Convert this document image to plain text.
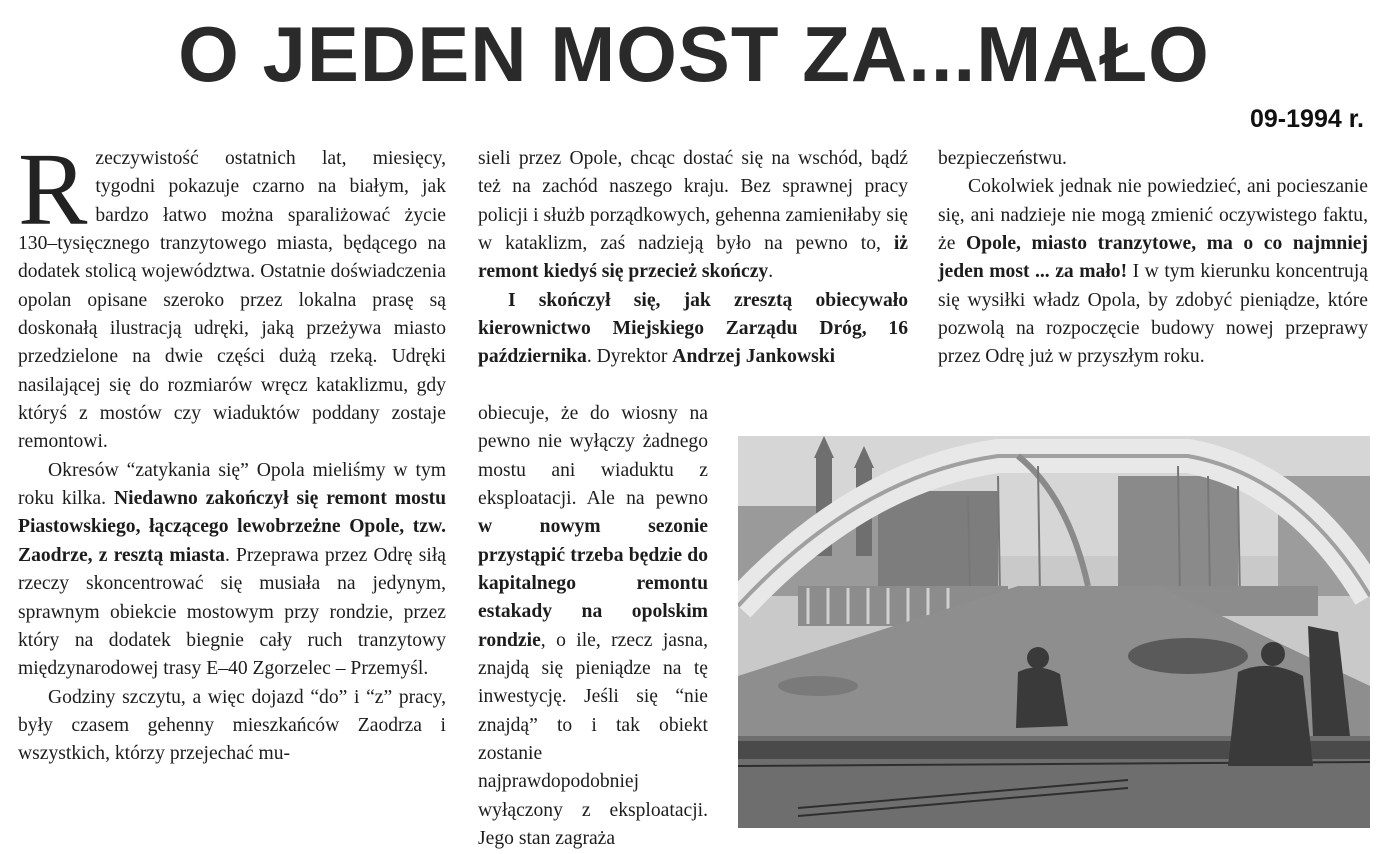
O JEDEN MOST ZA...MAŁO
09-1994 r.

Rzeczywistość ostatnich lat, miesięcy, tygodni pokazuje czarno na białym, jak bardzo łatwo można sparaliżować życie 130–tysięcznego tranzytowego miasta, będącego na dodatek stolicą województwa. Ostatnie doświadczenia opolan opisane szeroko przez lokalna prasę są doskonałą ilustracją udręki, jaką przeżywa miasto przedzielone na dwie części dużą rzeką. Udręki nasilającej się do rozmiarów wręcz kataklizmu, gdy któryś z mostów czy wiaduktów poddany zostaje remontowi.

Okresów “zatykania się” Opola mieliśmy w tym roku kilka. Niedawno zakończył się remont mostu Piastowskiego, łączącego lewobrzeżne Opole, tzw. Zaodrze, z resztą miasta. Przeprawa przez Odrę siłą rzeczy skoncentrować się musiała na jedynym, sprawnym obiekcie mostowym przy rondzie, przez który na dodatek biegnie cały ruch tranzytowy międzynarodowej trasy E–40 Zgorzelec – Przemyśl.

Godziny szczytu, a więc dojazd “do” i “z” pracy, były czasem gehenny mieszkańców Zaodrza i wszystkich, którzy przejechać mu-

sieli przez Opole, chcąc dostać się na wschód, bądź też na zachód naszego kraju. Bez sprawnej pracy policji i służb porządkowych, gehenna zamieniłaby się w kataklizm, zaś nadzieją było na pewno to, iż remont kiedyś się przecież skończy.

I skończył się, jak zresztą obiecywało kierownictwo Miejskiego Zarządu Dróg, 16 października. Dyrektor Andrzej Jankowski

obiecuje, że do wiosny na pewno nie wyłączy żadnego mostu ani wiaduktu z eksploatacji. Ale na pewno w nowym sezonie przystąpić trzeba będzie do kapitalnego remontu estakady na opolskim rondzie, o ile, rzecz jasna, znajdą się pieniądze na tę inwestycję. Jeśli się “nie znajdą” to i tak obiekt zostanie najprawdopodobniej wyłączony z eksploatacji. Jego stan zagraża

bezpieczeństwu.

Cokolwiek jednak nie powiedzieć, ani pocieszanie się, ani nadzieje nie mogą zmienić oczywistego faktu, że Opole, miasto tranzytowe, ma o co najmniej jeden most ... za mało! I w tym kierunku koncentrują się wysiłki władz Opola, by zdobyć pieniądze, które pozwolą na rozpoczęcie budowy nowej przeprawy przez Odrę już w przyszłym roku.
